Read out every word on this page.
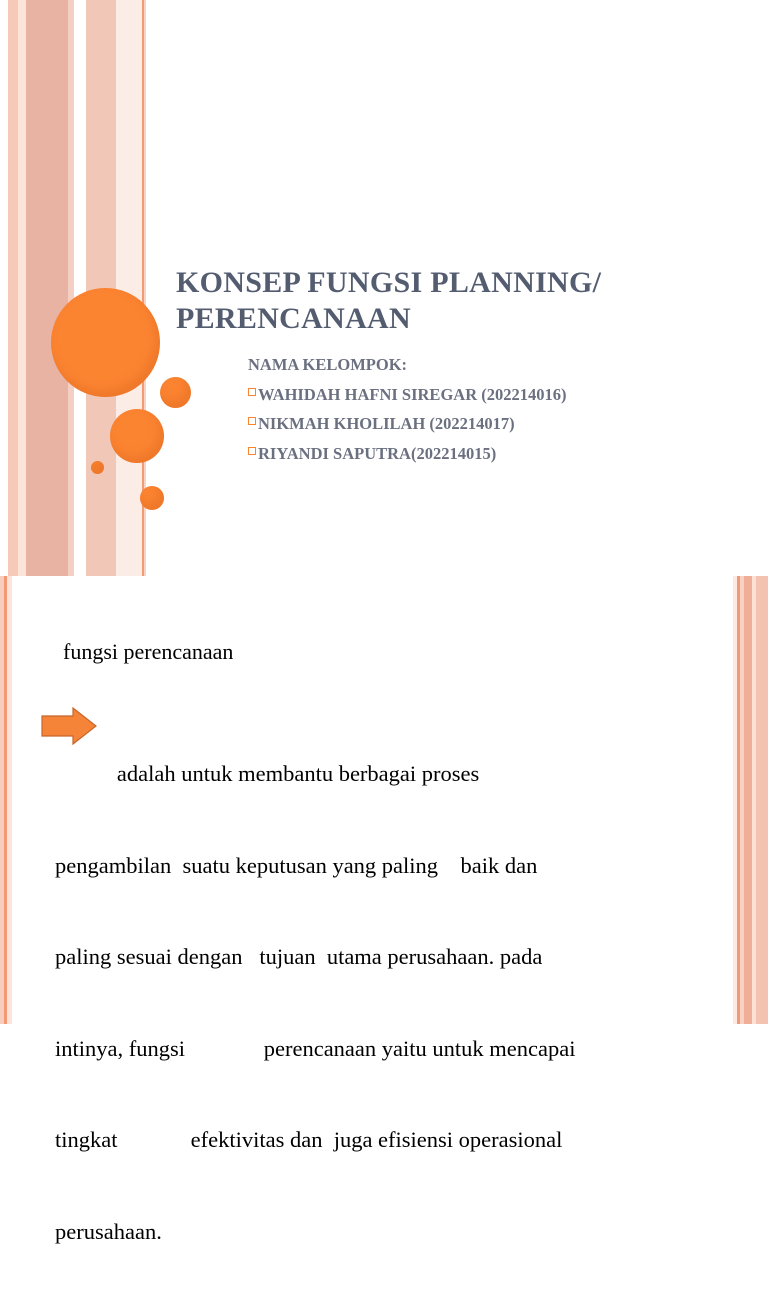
KONSEP FUNGSI PLANNING/
PERENCANAAN
NAMA KELOMPOK:
WAHIDAH HAFNI SIREGAR (202214016)
NIKMAH KHOLILAH (202214017)
RIYANDI SAPUTRA(202214015)
fungsi perencanaan

adalah untuk membantu berbagai proses

pengambilan  suatu keputusan yang paling    baik dan

paling sesuai dengan   tujuan  utama perusahaan. pada

intinya, fungsi              perencanaan yaitu untuk mencapai

tingkat             efektivitas dan  juga efisiensi operasional

perusahaan.
